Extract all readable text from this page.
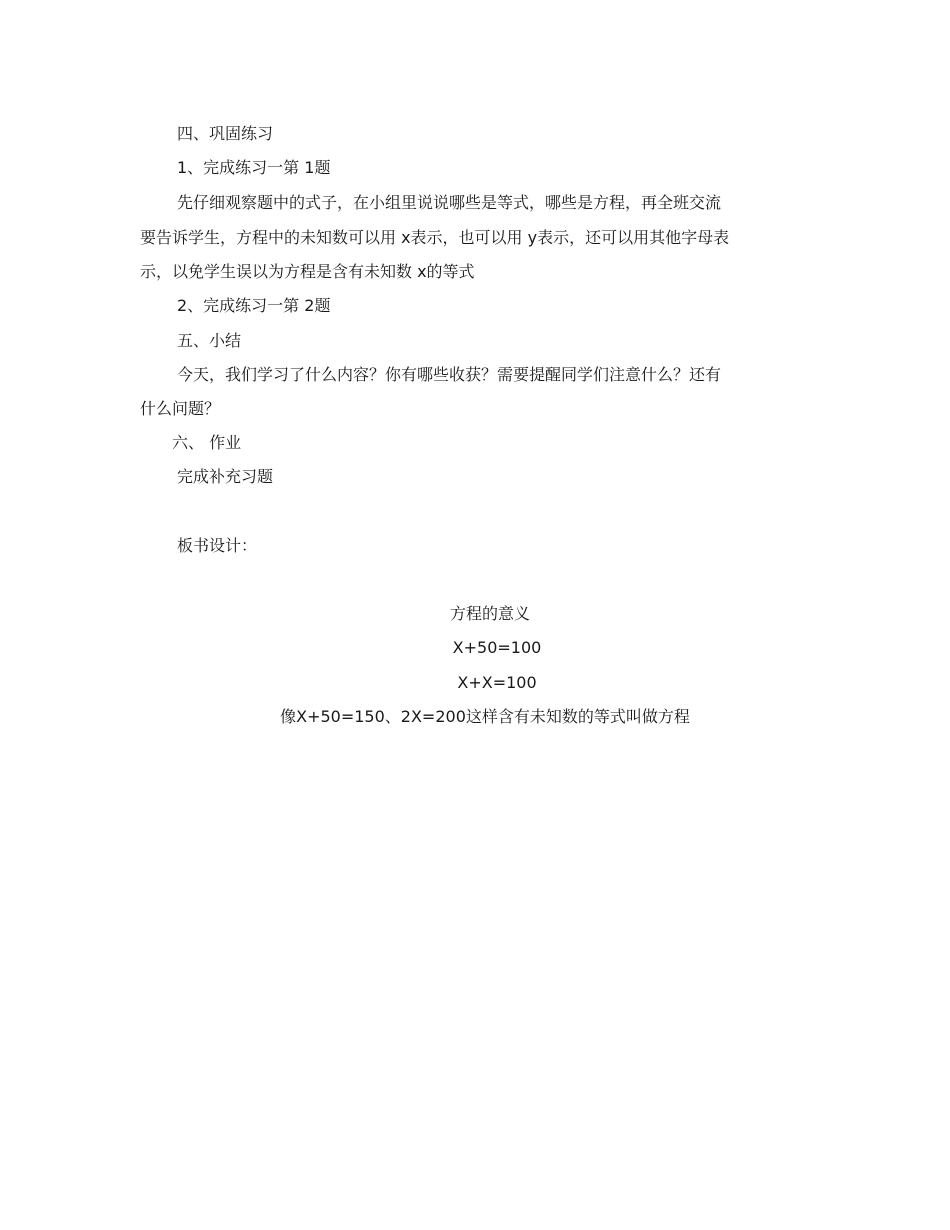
四、巩固练习
1、完成练习一第 1题
先仔细观察题中的式子，在小组里说说哪些是等式，哪些是方程，再全班交流
要告诉学生，方程中的未知数可以用 x表示，也可以用 y表示，还可以用其他字母表
示，以免学生误以为方程是含有未知数 x的等式
2、完成练习一第 2题
五、小结
今天，我们学习了什么内容？你有哪些收获？需要提醒同学们注意什么？还有
什么问题？
六、 作业
完成补充习题
板书设计：
方程的意义
X+50=100
X+X=100
像X+50=150、2X=200这样含有未知数的等式叫做方程
